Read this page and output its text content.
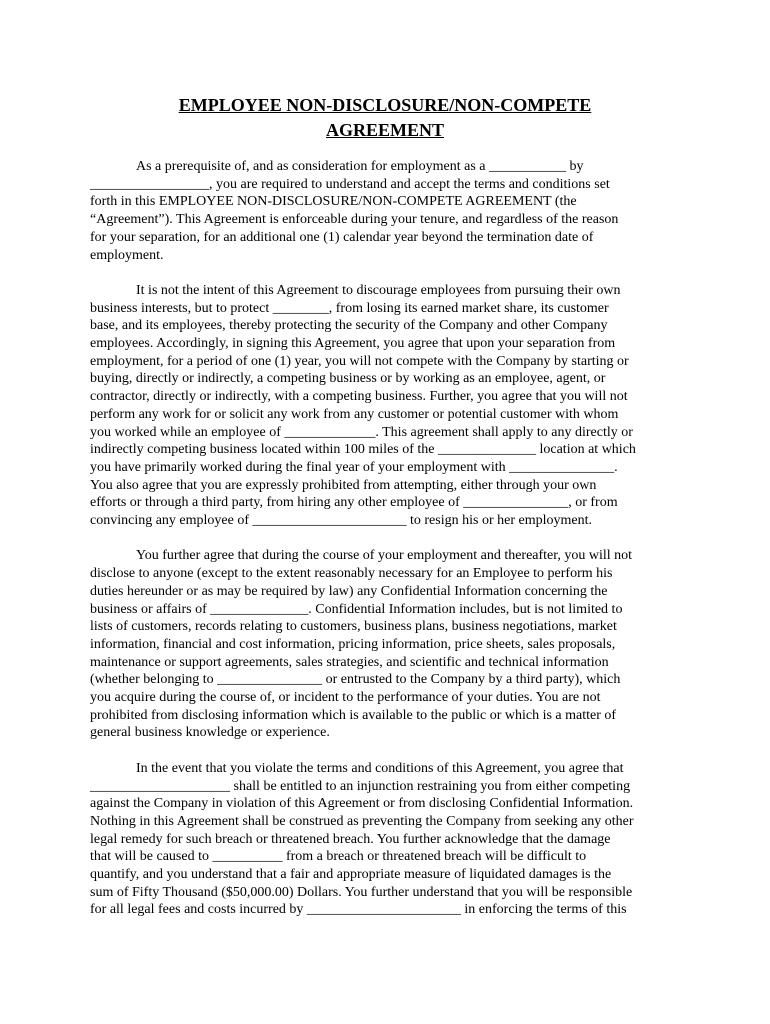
EMPLOYEE NON-DISCLOSURE/NON-COMPETE
AGREEMENT

As a prerequisite of, and as consideration for employment as a ___________ by
_________________, you are required to understand and accept the terms and conditions set
forth in this EMPLOYEE NON-DISCLOSURE/NON-COMPETE AGREEMENT (the
“Agreement”). This Agreement is enforceable during your tenure, and regardless of the reason
for your separation, for an additional one (1) calendar year beyond the termination date of
employment.

It is not the intent of this Agreement to discourage employees from pursuing their own
business interests, but to protect ________, from losing its earned market share, its customer
base, and its employees, thereby protecting the security of the Company and other Company
employees. Accordingly, in signing this Agreement, you agree that upon your separation from
employment, for a period of one (1) year, you will not compete with the Company by starting or
buying, directly or indirectly, a competing business or by working as an employee, agent, or
contractor, directly or indirectly, with a competing business. Further, you agree that you will not
perform any work for or solicit any work from any customer or potential customer with whom
you worked while an employee of _____________. This agreement shall apply to any directly or
indirectly competing business located within 100 miles of the ______________ location at which
you have primarily worked during the final year of your employment with _______________.
You also agree that you are expressly prohibited from attempting, either through your own
efforts or through a third party, from hiring any other employee of _______________, or from
convincing any employee of ______________________ to resign his or her employment.

You further agree that during the course of your employment and thereafter, you will not
disclose to anyone (except to the extent reasonably necessary for an Employee to perform his
duties hereunder or as may be required by law) any Confidential Information concerning the
business or affairs of ______________. Confidential Information includes, but is not limited to
lists of customers, records relating to customers, business plans, business negotiations, market
information, financial and cost information, pricing information, price sheets, sales proposals,
maintenance or support agreements, sales strategies, and scientific and technical information
(whether belonging to _______________ or entrusted to the Company by a third party), which
you acquire during the course of, or incident to the performance of your duties. You are not
prohibited from disclosing information which is available to the public or which is a matter of
general business knowledge or experience.

In the event that you violate the terms and conditions of this Agreement, you agree that
____________________ shall be entitled to an injunction restraining you from either competing
against the Company in violation of this Agreement or from disclosing Confidential Information.
Nothing in this Agreement shall be construed as preventing the Company from seeking any other
legal remedy for such breach or threatened breach. You further acknowledge that the damage
that will be caused to __________ from a breach or threatened breach will be difficult to
quantify, and you understand that a fair and appropriate measure of liquidated damages is the
sum of Fifty Thousand ($50,000.00) Dollars. You further understand that you will be responsible
for all legal fees and costs incurred by ______________________ in enforcing the terms of this
